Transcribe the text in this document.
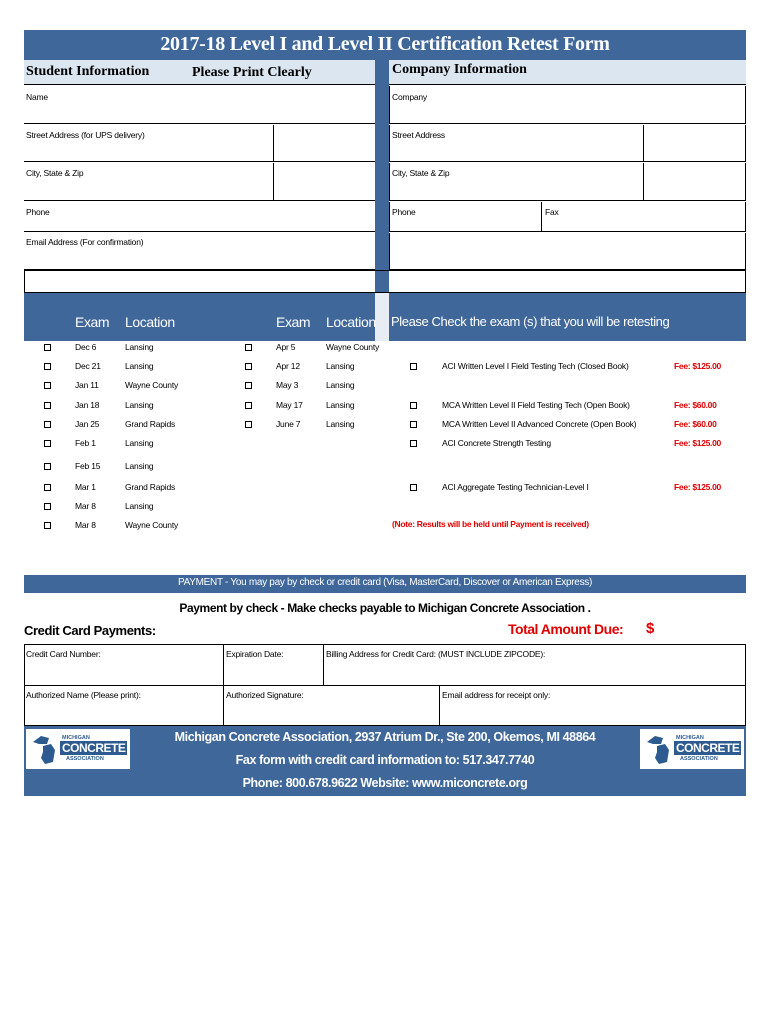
2017-18 Level I and Level II Certification Retest Form
Student Information	Please Print Clearly	Company Information
Name
Street Address (for UPS delivery)
City, State & Zip
Phone
Email Address (For confirmation)
Company
Street Address
City, State & Zip
Phone	Fax
Exam Location	Exam Location Please Check the exam (s) that you will be retesting
Dec 6	Lansing
Dec 21	Lansing
Jan 11	Wayne County
Jan 18	Lansing
Jan 25	Grand Rapids
Feb 1	Lansing
Feb 15	Lansing
Mar 1	Grand Rapids
Mar 8	Lansing
Mar 8	Wayne County
Apr 5	Wayne County
Apr 12	Lansing
May 3	Lansing
May 17	Lansing
June 7	Lansing
ACI Written Level I Field Testing Tech (Closed Book)	Fee: $125.00
MCA Written Level II Field Testing Tech (Open Book)	Fee: $60.00
MCA Written Level II Advanced Concrete (Open Book)	Fee: $60.00
ACI Concrete Strength Testing	Fee: $125.00
ACI Aggregate Testing Technician-Level I	Fee: $125.00
(Note: Results will be held until Payment is received)
PAYMENT - You may pay by check or credit card (Visa, MasterCard, Discover or American Express)
Payment by check - Make checks payable to Michigan Concrete Association .
Credit Card Payments:	Total Amount Due: $
Credit Card Number:	Expiration Date:	Billing Address for Credit Card: (MUST INCLUDE ZIPCODE):
Authorized Name (Please print):	Authorized Signature:	Email address for receipt only:
Michigan Concrete Association, 2937 Atrium Dr., Ste 200, Okemos, MI 48864
Fax form with credit card information to: 517.347.7740
Phone: 800.678.9622 Website: www.miconcrete.org
MICHIGAN
CONCRETE
ASSOCIATION
MICHIGAN
CONCRETE
ASSOCIATION
